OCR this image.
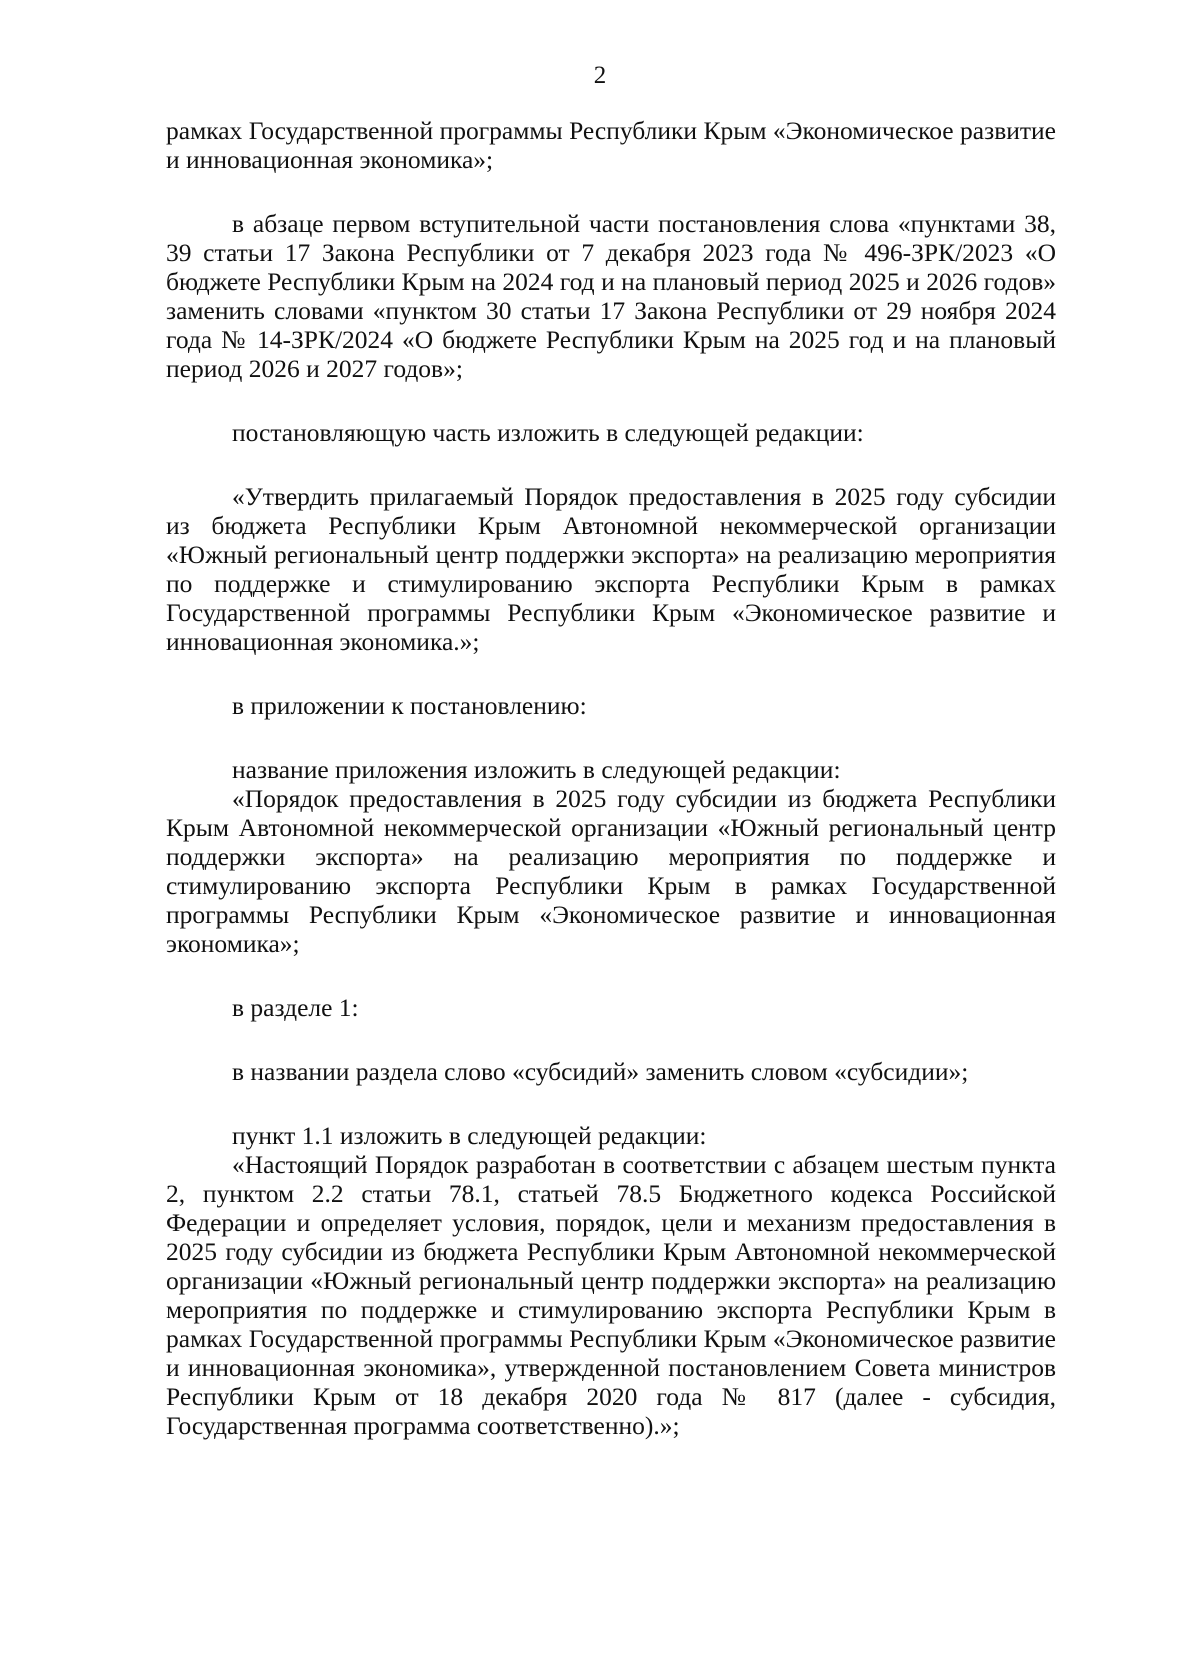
2

рамках Государственной программы Республики Крым «Экономическое развитие и инновационная экономика»;

в абзаце первом вступительной части постановления слова «пунктами 38, 39 статьи 17 Закона Республики от 7 декабря 2023 года № 496-ЗРК/2023 «О бюджете Республики Крым на 2024 год и на плановый период 2025 и 2026 годов» заменить словами «пунктом 30 статьи 17 Закона Республики от 29 ноября 2024 года № 14-ЗРК/2024 «О бюджете Республики Крым на 2025 год и на плановый период 2026 и 2027 годов»;

постановляющую часть изложить в следующей редакции:

«Утвердить прилагаемый Порядок предоставления в 2025 году субсидии из бюджета Республики Крым Автономной некоммерческой организации «Южный региональный центр поддержки экспорта» на реализацию мероприятия по поддержке и стимулированию экспорта Республики Крым в рамках Государственной программы Республики Крым «Экономическое развитие и инновационная экономика.»;

в приложении к постановлению:

название приложения изложить в следующей редакции:

«Порядок предоставления в 2025 году субсидии из бюджета Республики Крым Автономной некоммерческой организации «Южный региональный центр поддержки экспорта» на реализацию мероприятия по поддержке и стимулированию экспорта Республики Крым в рамках Государственной программы Республики Крым «Экономическое развитие и инновационная экономика»;

в разделе 1:

в названии раздела слово «субсидий» заменить словом «субсидии»;

пункт 1.1 изложить в следующей редакции:

«Настоящий Порядок разработан в соответствии с абзацем шестым пункта 2, пунктом 2.2 статьи 78.1, статьей 78.5 Бюджетного кодекса Российской Федерации и определяет условия, порядок, цели и механизм предоставления в 2025 году субсидии из бюджета Республики Крым Автономной некоммерческой организации «Южный региональный центр поддержки экспорта» на реализацию мероприятия по поддержке и стимулированию экспорта Республики Крым в рамках Государственной программы Республики Крым «Экономическое развитие и инновационная экономика», утвержденной постановлением Совета министров Республики Крым от 18 декабря 2020 года № 817 (далее - субсидия, Государственная программа соответственно).»;
